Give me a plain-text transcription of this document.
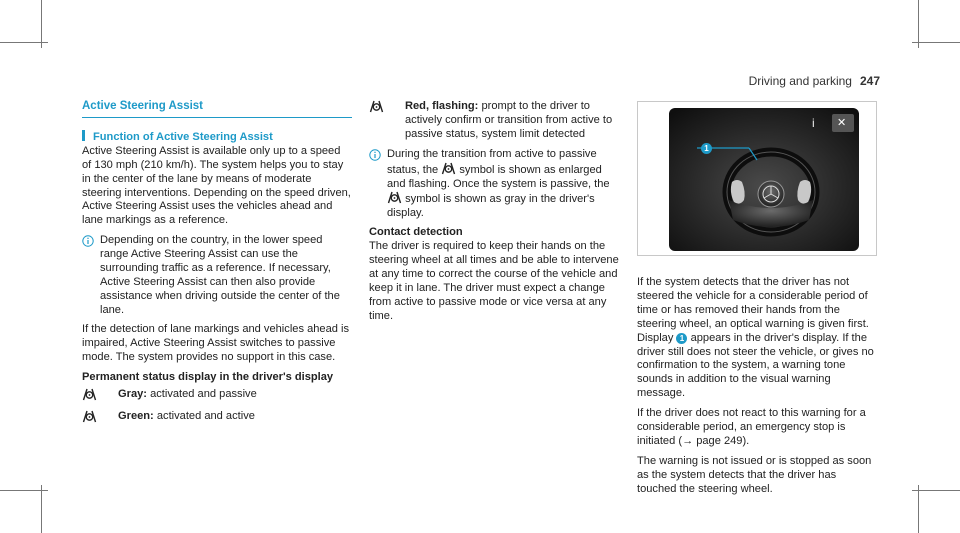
Driving and parking 247
Active Steering Assist
Function of Active Steering Assist

Active Steering Assist is available only up to a speed of 130 mph (210 km/h). The system helps you to stay in the center of the lane by means of moderate steering interventions. Depending on the speed driven, Active Steering Assist uses the vehicles ahead and lane markings as a reference.

Depending on the country, in the lower speed range Active Steering Assist can use the surrounding traffic as a reference. If necessary, Active Steering Assist can then also provide assistance when driving outside the center of the lane.

If the detection of lane markings and vehicles ahead is impaired, Active Steering Assist switches to passive mode. The system provides no support in this case.

Permanent status display in the driver's display
Gray: activated and passive
Green: activated and active
Red, flashing: prompt to the driver to actively confirm or transition from active to passive status, system limit detected
During the transition from active to passive status, the symbol is shown as enlarged and flashing. Once the system is passive, the  symbol is shown as gray in the driver's display.
Contact detection

The driver is required to keep their hands on the steering wheel at all times and be able to intervene at any time to correct the course of the vehicle and keep it in lane. The driver must expect a change from active to passive mode or vice versa at any time.

i ✕
1

If the system detects that the driver has not steered the vehicle for a considerable period of time or has removed their hands from the steering wheel, an optical warning is given first. Display 1 appears in the driver's display. If the driver still does not steer the vehicle, or gives no confirmation to the system, a warning tone sounds in addition to the visual warning message.

If the driver does not react to this warning for a considerable period, an emergency stop is initiated (→ page 249).

The warning is not issued or is stopped as soon as the system detects that the driver has touched the steering wheel.
